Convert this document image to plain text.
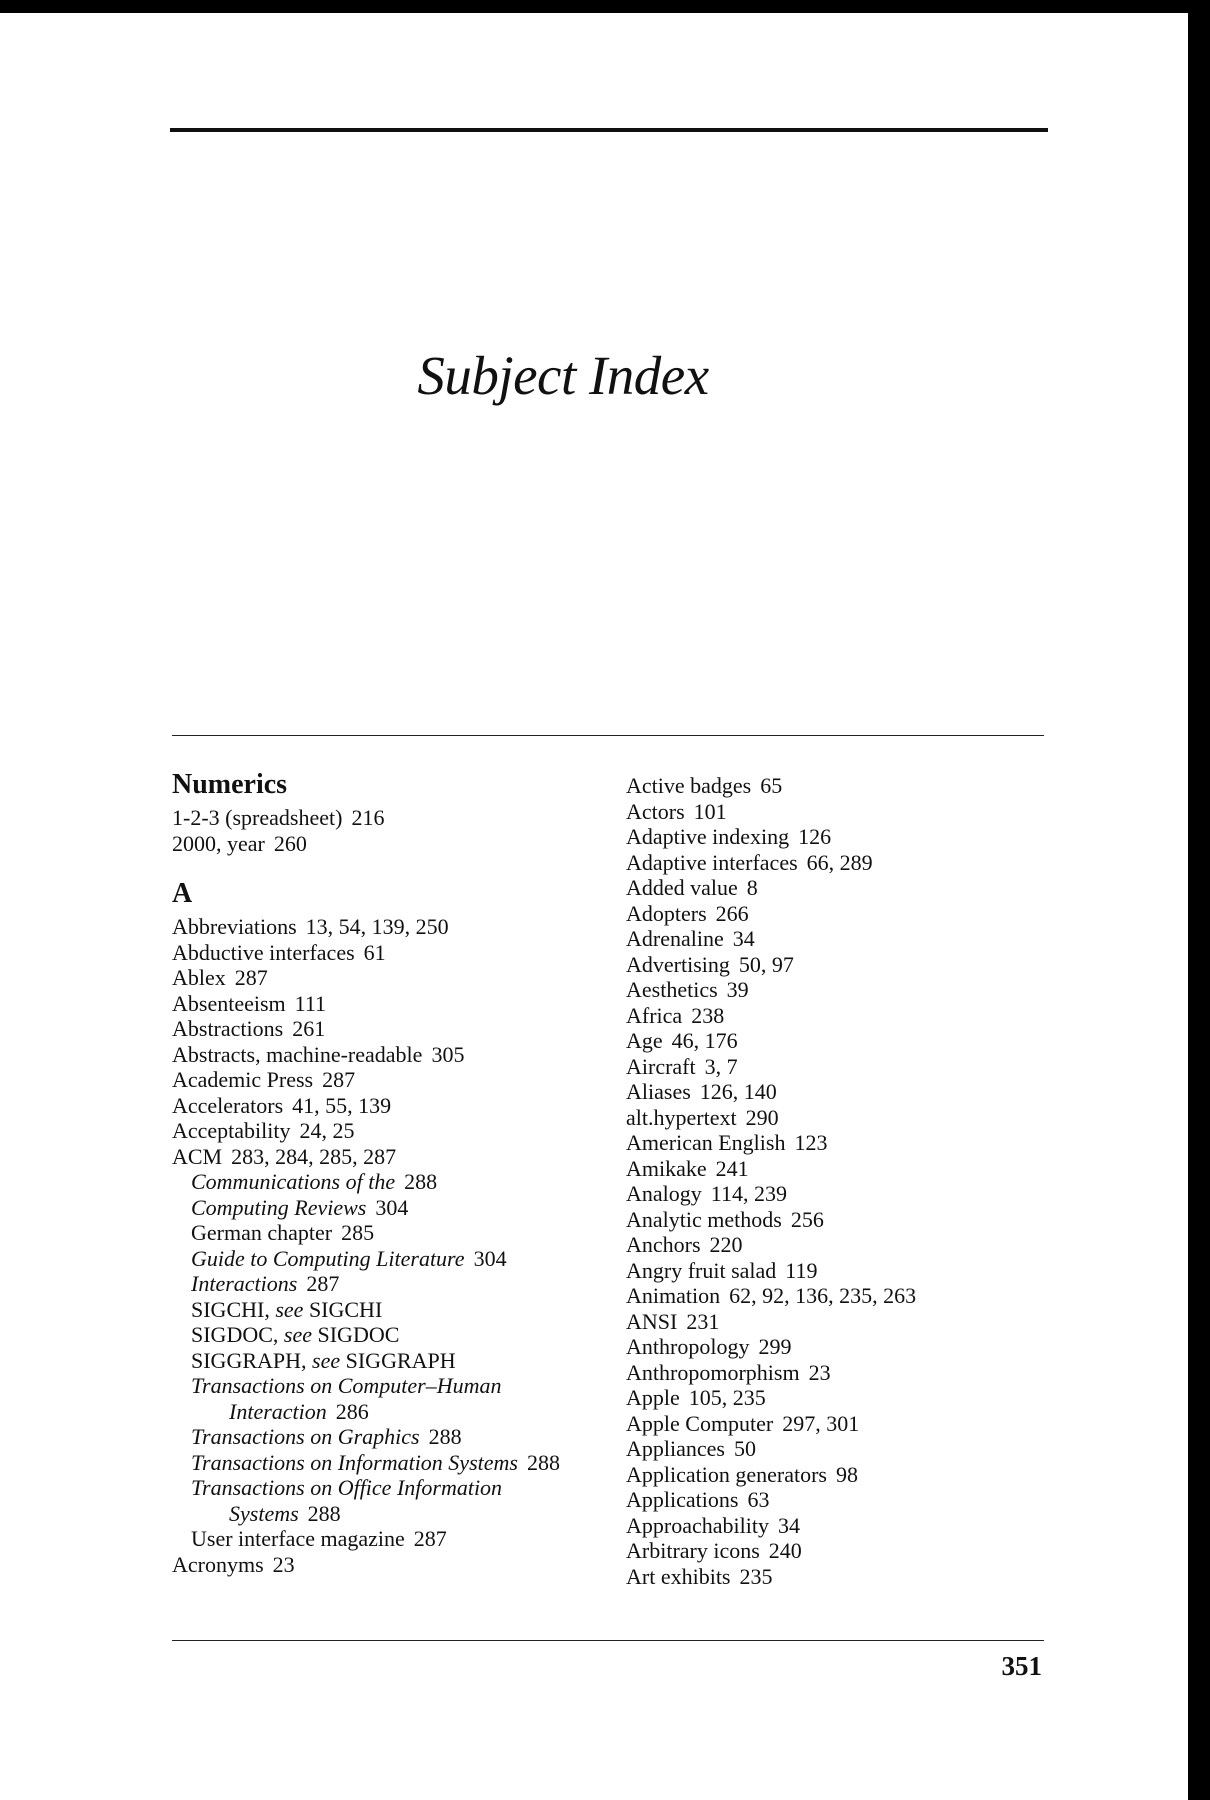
Subject Index
Numerics
1-2-3 (spreadsheet) 216
2000, year 260
A
Abbreviations 13, 54, 139, 250
Abductive interfaces 61
Ablex 287
Absenteeism 111
Abstractions 261
Abstracts, machine-readable 305
Academic Press 287
Accelerators 41, 55, 139
Acceptability 24, 25
ACM 283, 284, 285, 287
Communications of the 288
Computing Reviews 304
German chapter 285
Guide to Computing Literature 304
Interactions 287
SIGCHI, see SIGCHI
SIGDOC, see SIGDOC
SIGGRAPH, see SIGGRAPH
Transactions on Computer–Human
Interaction 286
Transactions on Graphics 288
Transactions on Information Systems 288
Transactions on Office Information
Systems 288
User interface magazine 287
Acronyms 23
Active badges 65
Actors 101
Adaptive indexing 126
Adaptive interfaces 66, 289
Added value 8
Adopters 266
Adrenaline 34
Advertising 50, 97
Aesthetics 39
Africa 238
Age 46, 176
Aircraft 3, 7
Aliases 126, 140
alt.hypertext 290
American English 123
Amikake 241
Analogy 114, 239
Analytic methods 256
Anchors 220
Angry fruit salad 119
Animation 62, 92, 136, 235, 263
ANSI 231
Anthropology 299
Anthropomorphism 23
Apple 105, 235
Apple Computer 297, 301
Appliances 50
Application generators 98
Applications 63
Approachability 34
Arbitrary icons 240
Art exhibits 235
351
